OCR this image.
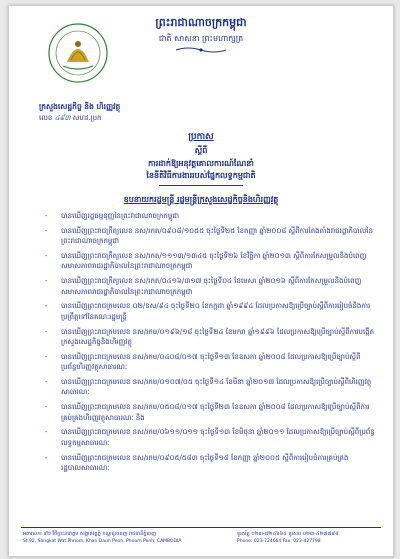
ព្រះរាជាណាចក្រកម្ពុជា
ជាតិ សាសនា ព្រះមហាក្សត្រ
ក្រសួងសេដ្ឋកិច្ច និង ហិរញ្ញវត្ថុ
លេខ ៤៩៣ សហវ.ប្រក
ប្រកាស
ស្តីពី
ការដាក់ឱ្យអនុវត្តគោលការណ៍ណែនាំ
នៃនីតិវិធីការងាររបស់ផ្នែកលទ្ធកម្មជាតិ
ឧបនាយករដ្ឋមន្ត្រី រដ្ឋមន្ត្រីក្រសួងសេដ្ឋកិច្ចនិងហិរញ្ញវត្ថុ
- បានឃើញរដ្ឋធម្មនុញ្ញនៃព្រះរាជាណាចក្រកម្ពុជា
- បានឃើញព្រះរាជក្រឹត្យលេខ នស/រកត/០៩០៨/១០៥៥ ចុះថ្ងៃទី២៥ ខែកញ្ញា ឆ្នាំ២០០៨ ស្តីពីការតែងតាំងរាជរដ្ឋាភិបាលនៃព្រះរាជាណាចក្រកម្ពុជា
- បានឃើញព្រះរាជក្រឹត្យលេខ នស/រកត/១១១៣/១៣៤៥ ចុះថ្ងៃទី២៦ ខែវិច្ឆិកា ឆ្នាំ២០១៣ ស្តីពីការកែសម្រួលនិងបំពេញសមាសភាពរាជរដ្ឋាភិបាលនៃព្រះរាជាណាចក្រកម្ពុជា
- បានឃើញព្រះរាជក្រឹត្យលេខ នស/រកត/០៤១៦/៣១៧ ចុះថ្ងៃទី០៤ ខែមេសា ឆ្នាំ២០១៦ ស្តីពីការកែសម្រួលនិងបំពេញសមាសភាពរាជរដ្ឋាភិបាលនៃព្រះរាជាណាចក្រកម្ពុជា
- បានឃើញព្រះរាជក្រមលេខ ០២/នស/៩៤ ចុះថ្ងៃទី២០ ខែកក្កដា ឆ្នាំ១៩៩៤ ដែលប្រកាសឱ្យប្រើច្បាប់ស្តីពីការរៀបចំនិងការប្រព្រឹត្តទៅនៃគណៈរដ្ឋមន្ត្រី
- បានឃើញព្រះរាជក្រមលេខ នស/រកម/០១៩៦/១៨ ចុះថ្ងៃទី២៤ ខែមករា ឆ្នាំ១៩៩៦ ដែលប្រកាសឱ្យប្រើច្បាប់ស្តីពីការបង្កើតក្រសួងសេដ្ឋកិច្ចនិងហិរញ្ញវត្ថុ
- បានឃើញព្រះរាជក្រមលេខ នស/រកម/០៤០៨/០១៧ ចុះថ្ងៃទី១៣ ខែឧសភា ឆ្នាំ២០០៨ ដែលប្រកាសឱ្យប្រើច្បាប់ស្តីពីប្រព័ន្ធហិរញ្ញវត្ថុសាធារណៈ
- បានឃើញព្រះរាជក្រមលេខ នស/រកម/០១០៧/០៥ ចុះថ្ងៃទី១៤ ខែមីនា ឆ្នាំ២០១៧ ដែលប្រកាសឱ្យប្រើច្បាប់ស្តីពីហិរញ្ញវត្ថុសាធារណៈ
- បានឃើញព្រះរាជក្រមលេខ នស/រកម/០៥០៨/០១៧ ចុះថ្ងៃទី២៣ ខែឧសភា ឆ្នាំ២០០៨ ដែលប្រកាសឱ្យប្រើច្បាប់ស្តីពីការគ្រប់គ្រងហិរញ្ញវត្ថុសាធារណៈ និង
- បានឃើញព្រះរាជក្រមលេខ នស/រកម/០៦១១/០១១ ចុះថ្ងៃទី១៣ ខែមិថុនា ឆ្នាំ២០១១ ដែលប្រកាសឱ្យប្រើច្បាប់ស្តីពីប្រព័ន្ធលទ្ធកម្មសាធារណៈ
- បានឃើញព្រះរាជក្រមលេខ នស/រកម/០៩០៥/៥៨៣ ចុះថ្ងៃទី១៨ ខែកញ្ញា ឆ្នាំ២០០៥ ស្តីពីការរៀបចំការគ្រប់គ្រងរដ្ឋបាលសាធារណៈ
អគារលេខ ៩២ វិថីព្រះនរោត្តម សង្កាត់វត្តភ្នំ ខណ្ឌដូនពេញ រាជធានីភ្នំពេញ
St.92, Sangkat Wat Phnom, Khan Daun Penh, Phnom Penh, CAMBODIA
ទូរស័ព្ទ ០២៣-៧២៤៦៦៤ ទូរសារ ០២៣-៤២៧៧៩៨
Phone: 023-724664 Fax: 023-427798
